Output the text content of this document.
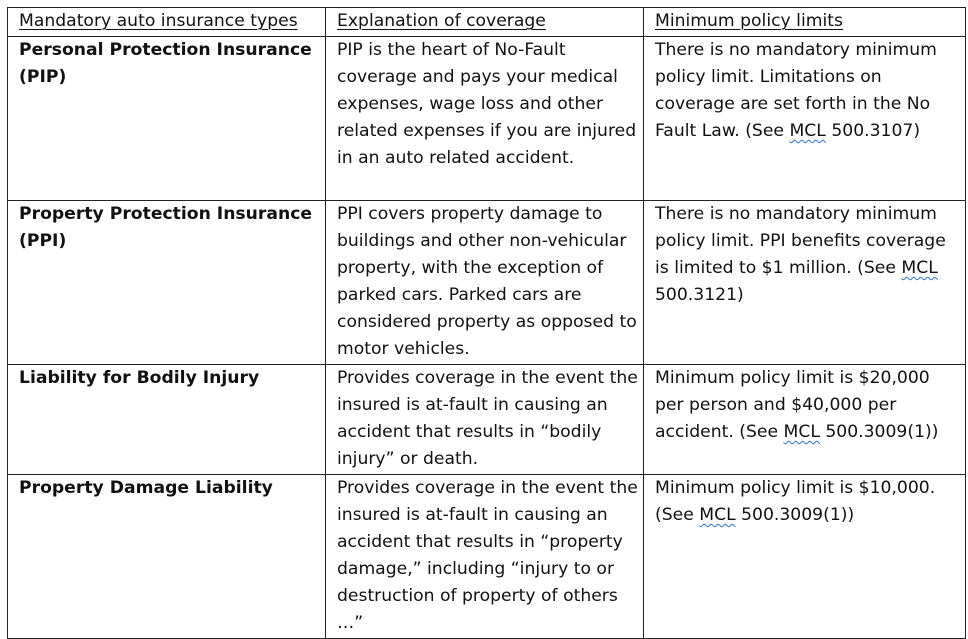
Mandatory auto insurance types	Explanation of coverage	Minimum policy limits
Personal Protection Insurance (PIP)	PIP is the heart of No-Fault coverage and pays your medical expenses, wage loss and other related expenses if you are injured in an auto related accident.	There is no mandatory minimum policy limit. Limitations on coverage are set forth in the No Fault Law. (See MCL 500.3107)
Property Protection Insurance (PPI)	PPI covers property damage to buildings and other non-vehicular property, with the exception of parked cars. Parked cars are considered property as opposed to motor vehicles.	There is no mandatory minimum policy limit. PPI benefits coverage is limited to $1 million. (See MCL 500.3121)
Liability for Bodily Injury	Provides coverage in the event the insured is at-fault in causing an accident that results in “bodily injury” or death.	Minimum policy limit is $20,000 per person and $40,000 per accident. (See MCL 500.3009(1))
Property Damage Liability	Provides coverage in the event the insured is at-fault in causing an accident that results in “property damage,” including “injury to or destruction of property of others …”	Minimum policy limit is $10,000. (See MCL 500.3009(1))
